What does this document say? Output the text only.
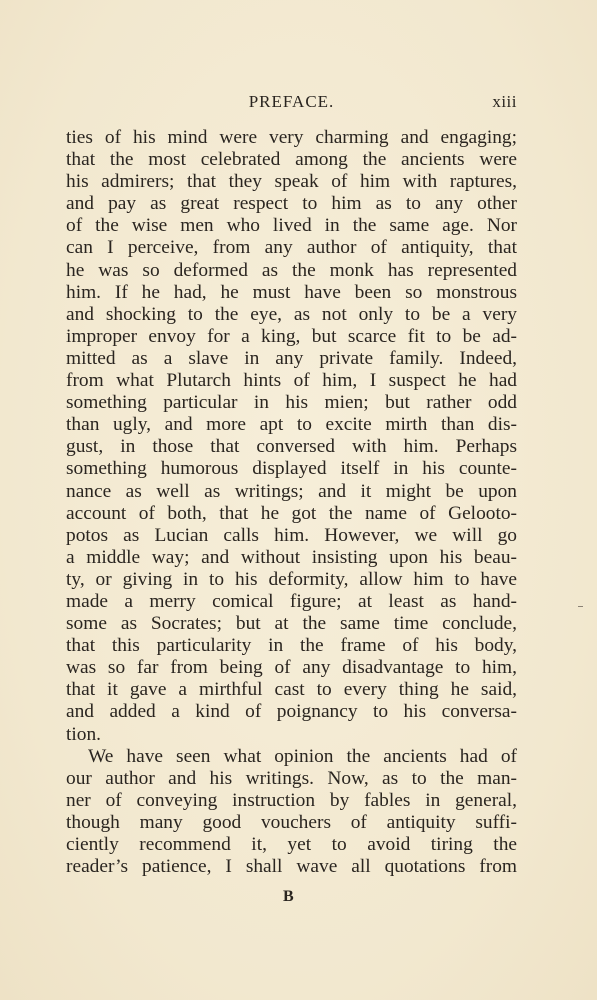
PREFACE.	xiii
ties of his mind were very charming and engaging;
that the most celebrated among the ancients were
his admirers; that they speak of him with raptures,
and pay as great respect to him as to any other
of the wise men who lived in the same age. Nor
can I perceive, from any author of antiquity, that
he was so deformed as the monk has represented
him. If he had, he must have been so monstrous
and shocking to the eye, as not only to be a very
improper envoy for a king, but scarce fit to be ad-
mitted as a slave in any private family. Indeed,
from what Plutarch hints of him, I suspect he had
something particular in his mien; but rather odd
than ugly, and more apt to excite mirth than dis-
gust, in those that conversed with him. Perhaps
something humorous displayed itself in his counte-
nance as well as writings; and it might be upon
account of both, that he got the name of Gelooto-
potos as Lucian calls him. However, we will go
a middle way; and without insisting upon his beau-
ty, or giving in to his deformity, allow him to have
made a merry comical figure; at least as hand-
some as Socrates; but at the same time conclude,
that this particularity in the frame of his body,
was so far from being of any disadvantage to him,
that it gave a mirthful cast to every thing he said,
and added a kind of poignancy to his conversa-
tion.
We have seen what opinion the ancients had of
our author and his writings. Now, as to the man-
ner of conveying instruction by fables in general,
though many good vouchers of antiquity suffi-
ciently recommend it, yet to avoid tiring the
reader’s patience, I shall wave all quotations from
B
